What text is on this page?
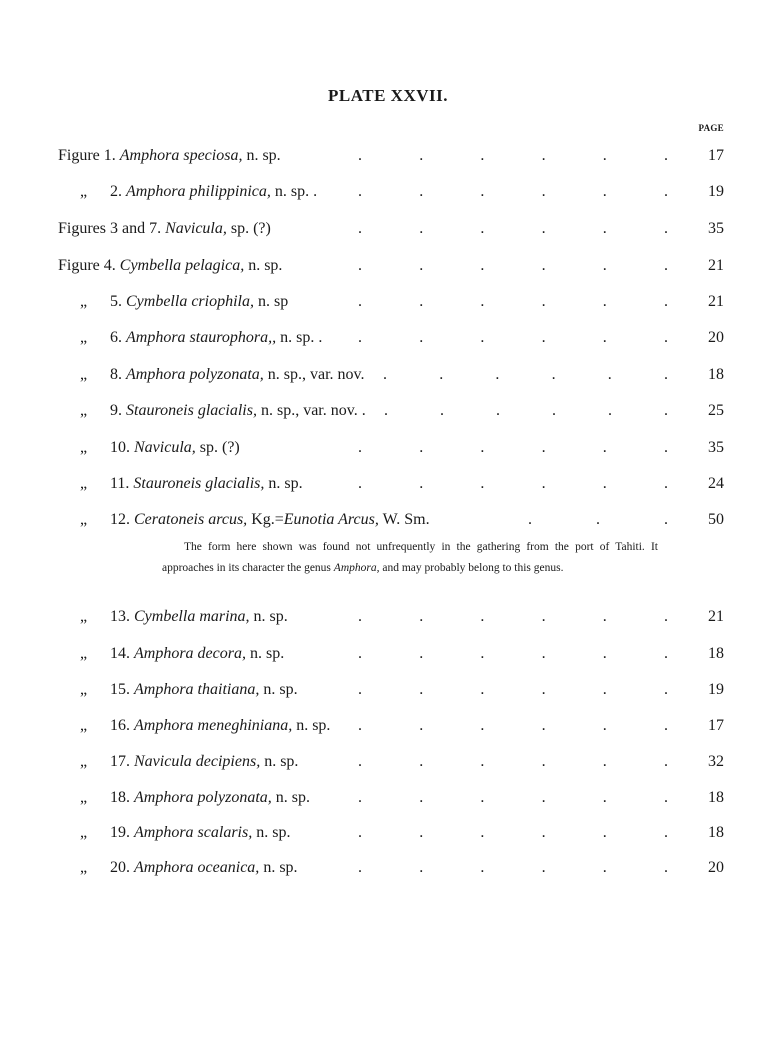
PLATE XXVII.
PAGE
Figure 1. Amphora speciosa, n. sp.	.	.	.	.	.	.	17
„ 2. Amphora philippinica, n. sp. .	.	.	.	.	.	.	19
Figures 3 and 7. Navicula, sp. (?)	.	.	.	.	.	.	35
Figure 4. Cymbella pelagica, n. sp.	.	.	.	.	.	.	21
„ 5. Cymbella criophila, n. sp	.	.	.	.	.	.	21
„ 6. Amphora staurophora,, n. sp. . .	.	.	.	.	.	20
„ 8. Amphora polyzonata, n. sp., var. nov. .	.	.	.	.	.	18
„ 9. Stauroneis glacialis, n. sp., var. nov. . .	.	.	.	.	.	25
„ 10. Navicula, sp. (?)	.	.	.	.	.	.	35
„ 11. Stauroneis glacialis, n. sp.	.	.	.	.	.	.	24
„ 12. Ceratoneis arcus, Kg.=Eunotia Arcus, W. Sm.	.	.	.	50
„ 13. Cymbella marina, n. sp.	.	.	.	.	.	.	21
„ 14. Amphora decora, n. sp.	.	.	.	.	.	.	18
„ 15. Amphora thaitiana, n. sp.	.	.	.	.	.	.	19
„ 16. Amphora meneghiniana, n. sp. .	.	.	.	.	.	17
„ 17. Navicula decipiens, n. sp.	.	.	.	.	.	.	32
„ 18. Amphora polyzonata, n. sp.	.	.	.	.	.	.	18
„ 19. Amphora scalaris, n. sp.	.	.	.	.	.	.	18
„ 20. Amphora oceanica, n. sp.	.	.	.	.	.	.	20
The form here shown was found not unfrequently in the gathering from the port of Tahiti. It approaches in its character the genus Amphora, and may probably belong to this genus.
